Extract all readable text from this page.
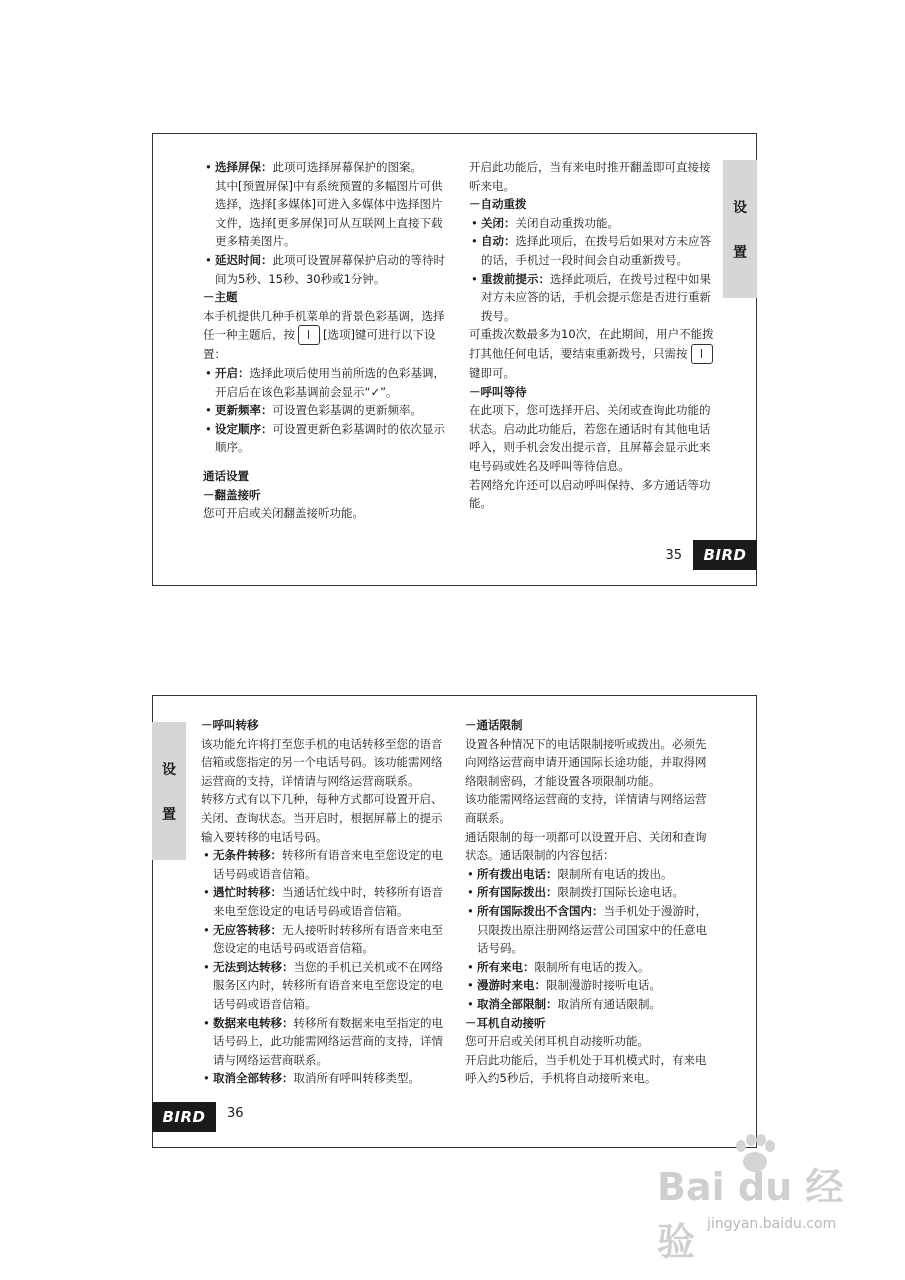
• 选择屏保：此项可选择屏幕保护的图案。

其中[预置屏保]中有系统预置的多幅图片可供选择，选择[多媒体]可进入多媒体中选择图片文件，选择[更多屏保]可从互联网上直接下载更多精美图片。

• 延迟时间：此项可设置屏幕保护启动的等待时间为5秒、15秒、30秒或1分钟。

－主题

本手机提供几种手机菜单的背景色彩基调，选择任一种主题后，按 [选项]键可进行以下设置：

• 开启：选择此项后使用当前所选的色彩基调，开启后在该色彩基调前会显示“✓”。

• 更新频率：可设置色彩基调的更新频率。

• 设定顺序：可设置更新色彩基调时的依次显示顺序。

通话设置

－翻盖接听

您可开启或关闭翻盖接听功能。

开启此功能后，当有来电时推开翻盖即可直接接听来电。

－自动重拨

• 关闭：关闭自动重拨功能。

• 自动：选择此项后，在拨号后如果对方未应答的话，手机过一段时间会自动重新拨号。

• 重拨前提示：选择此项后，在拨号过程中如果对方未应答的话，手机会提示您是否进行重新拨号。

可重拨次数最多为10次，在此期间，用户不能拨打其他任何电话，要结束重新拨号，只需按键即可。

－呼叫等待

在此项下，您可选择开启、关闭或查询此功能的状态。启动此功能后，若您在通话时有其他电话呼入，则手机会发出提示音，且屏幕会显示此来电号码或姓名及呼叫等待信息。

若网络允许还可以启动呼叫保持、多方通话等功能。

设
置
35	BIRD
设
置

－呼叫转移

该功能允许将打至您手机的电话转移至您的语音信箱或您指定的另一个电话号码。该功能需网络运营商的支持，详情请与网络运营商联系。

转移方式有以下几种，每种方式都可设置开启、关闭、查询状态。当开启时，根据屏幕上的提示输入要转移的电话号码。

• 无条件转移：转移所有语音来电至您设定的电话号码或语音信箱。

• 遇忙时转移：当通话忙线中时，转移所有语音来电至您设定的电话号码或语音信箱。

• 无应答转移：无人接听时转移所有语音来电至您设定的电话号码或语音信箱。

• 无法到达转移：当您的手机已关机或不在网络服务区内时，转移所有语音来电至您设定的电话号码或语音信箱。

• 数据来电转移：转移所有数据来电至指定的电话号码上，此功能需网络运营商的支持，详情请与网络运营商联系。

• 取消全部转移：取消所有呼叫转移类型。

－通话限制

设置各种情况下的电话限制接听或拨出。必须先向网络运营商申请开通国际长途功能，并取得网络限制密码，才能设置各项限制功能。

该功能需网络运营商的支持，详情请与网络运营商联系。

通话限制的每一项都可以设置开启、关闭和查询状态。通话限制的内容包括：

• 所有拨出电话：限制所有电话的拨出。

• 所有国际拨出：限制拨打国际长途电话。

• 所有国际拨出不含国内：当手机处于漫游时，只限拨出原注册网络运营公司国家中的任意电话号码。

• 所有来电：限制所有电话的拨入。

• 漫游时来电：限制漫游时接听电话。

• 取消全部限制：取消所有通话限制。

－耳机自动接听

您可开启或关闭耳机自动接听功能。

开启此功能后，当手机处于耳机模式时，有来电呼入约5秒后，手机将自动接听来电。

BIRD	36
Bai du 经验 jingyan.baidu.com
